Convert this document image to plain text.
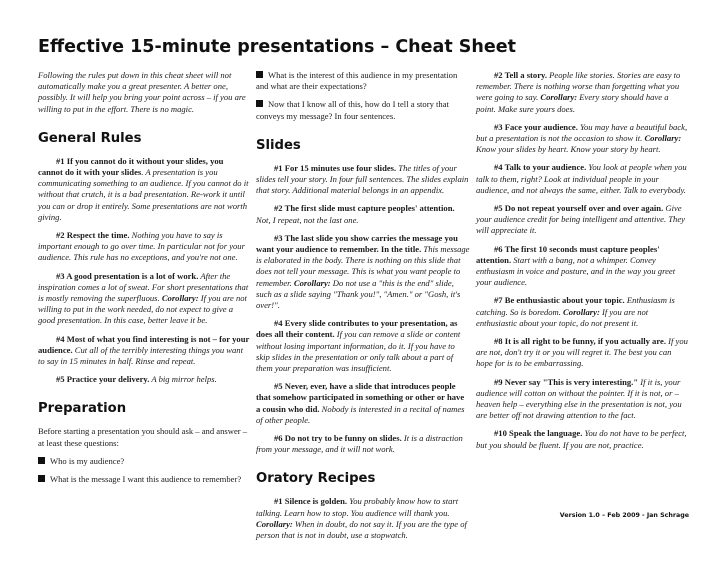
Effective 15-minute presentations – Cheat Sheet

Following the rules put down in this cheat sheet will not automatically make you a great presenter. A better one, possibly. It will help you bring your point across – if you are willing to put in the effort. There is no magic.

General Rules

#1 If you cannot do it without your slides, you cannot do it with your slides. A presentation is you communicating something to an audience. If you cannot do it without that crutch, it is a bad presentation. Re-work it until you can or drop it entirely. Some presentations are not worth giving.

#2 Respect the time. Nothing you have to say is important enough to go over time. In particular not for your audience. This rule has no exceptions, and you're not one.

#3 A good presentation is a lot of work. After the inspiration comes a lot of sweat. For short presentations that is mostly removing the superfluous. Corollary: If you are not willing to put in the work needed, do not expect to give a good presentation. In this case, better leave it be.

#4 Most of what you find interesting is not – for your audience. Cut all of the terribly interesting things you want to say in 15 minutes in half. Rinse and repeat.

#5 Practice your delivery. A big mirror helps.

Preparation

Before starting a presentation you should ask – and answer – at least these questions:

Who is my audience?

What is the message I want this audience to remember?

What is the interest of this audience in my presentation and what are their expectations?

Now that I know all of this, how do I tell a story that conveys my message? In four sentences.

Slides

#1 For 15 minutes use four slides. The titles of your slides tell your story. In four full sentences. The slides explain that story. Additional material belongs in an appendix.

#2 The first slide must capture peoples' attention. Not, I repeat, not the last one.

#3 The last slide you show carries the message you want your audience to remember. In the title. This message is elaborated in the body. There is nothing on this slide that does not tell your message. This is what you want people to remember. Corollary: Do not use a "this is the end" slide, such as a slide saying "Thank you!", "Amen." or "Gosh, it's over!".

#4 Every slide contributes to your presentation, as does all their content. If you can remove a slide or content without losing important information, do it. If you have to skip slides in the presentation or only talk about a part of them your preparation was insufficient.

#5 Never, ever, have a slide that introduces people that somehow participated in something or other or have a cousin who did. Nobody is interested in a recital of names of other people.

#6 Do not try to be funny on slides. It is a distraction from your message, and it will not work.

Oratory Recipes

#1 Silence is golden. You probably know how to start talking. Learn how to stop. You audience will thank you. Corollary: When in doubt, do not say it. If you are the type of person that is not in doubt, use a stopwatch.

#2 Tell a story. People like stories. Stories are easy to remember. There is nothing worse than forgetting what you were going to say. Corollary: Every story should have a point. Make sure yours does.

#3 Face your audience. You may have a beautiful back, but a presentation is not the occasion to show it. Corollary: Know your slides by heart. Know your story by heart.

#4 Talk to your audience. You look at people when you talk to them, right? Look at individual people in your audience, and not always the same, either. Talk to everybody.

#5 Do not repeat yourself over and over again. Give your audience credit for being intelligent and attentive. They will appreciate it.

#6 The first 10 seconds must capture peoples' attention. Start with a bang, not a whimper. Convey enthusiasm in voice and posture, and in the way you greet your audience.

#7 Be enthusiastic about your topic. Enthusiasm is catching. So is boredom. Corollary: If you are not enthusiastic about your topic, do not present it.

#8 It is all right to be funny, if you actually are. If you are not, don't try it or you will regret it. The best you can hope for is to be embarrassing.

#9 Never say "This is very interesting." If it is, your audience will cotton on without the pointer. If it is not, or – heaven help – everything else in the presentation is not, you are better off not drawing attention to the fact.

#10 Speak the language. You do not have to be perfect, but you should be fluent. If you are not, practice.

Version 1.0 – Feb 2009 - Jan Schrage
